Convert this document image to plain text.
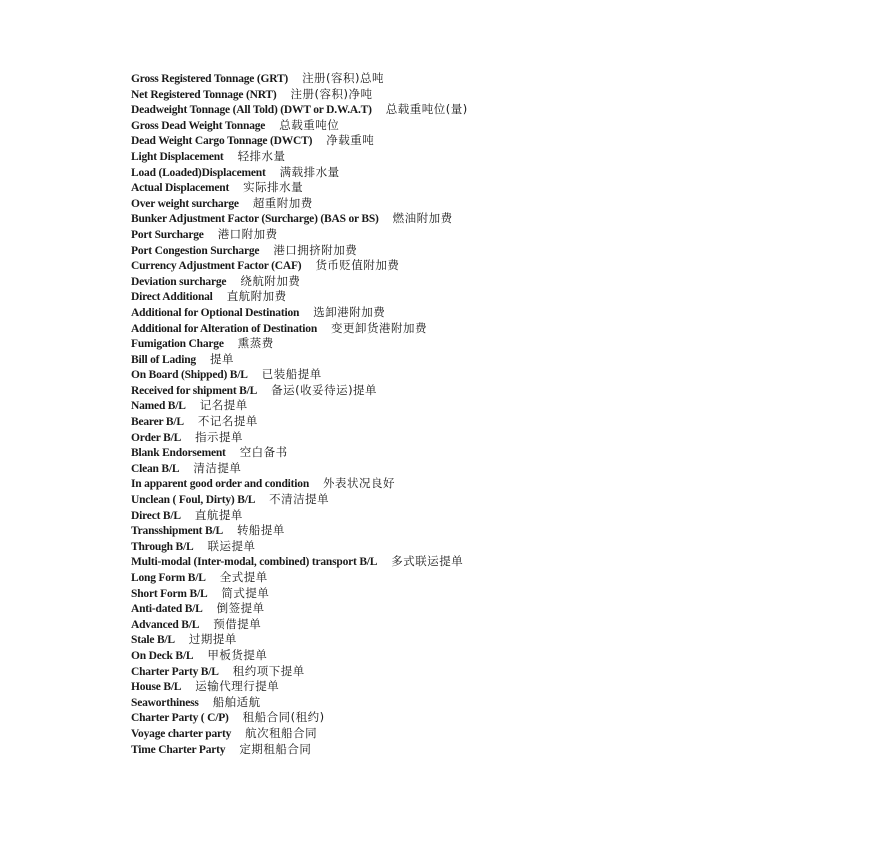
Gross Registered Tonnage (GRT) 注册(容积)总吨
Net Registered Tonnage (NRT) 注册(容积)净吨
Deadweight Tonnage (All Told) (DWT or D.W.A.T) 总载重吨位(量)
Gross Dead Weight Tonnage 总载重吨位
Dead Weight Cargo Tonnage (DWCT) 净载重吨
Light Displacement 轻排水量
Load (Loaded)Displacement 满载排水量
Actual Displacement 实际排水量
Over weight surcharge 超重附加费
Bunker Adjustment Factor (Surcharge) (BAS or BS) 燃油附加费
Port Surcharge 港口附加费
Port Congestion Surcharge 港口拥挤附加费
Currency Adjustment Factor (CAF) 货币贬值附加费
Deviation surcharge 绕航附加费
Direct Additional 直航附加费
Additional for Optional Destination 选卸港附加费
Additional for Alteration of Destination 变更卸货港附加费
Fumigation Charge 熏蒸费
Bill of Lading 提单
On Board (Shipped) B/L 已装船提单
Received for shipment B/L 备运(收妥待运)提单
Named B/L 记名提单
Bearer B/L 不记名提单
Order B/L 指示提单
Blank Endorsement 空白备书
Clean B/L 清洁提单
In apparent good order and condition 外表状况良好
Unclean ( Foul, Dirty) B/L 不清洁提单
Direct B/L 直航提单
Transshipment B/L 转船提单
Through B/L 联运提单
Multi-modal (Inter-modal, combined) transport B/L 多式联运提单
Long Form B/L 全式提单
Short Form B/L 简式提单
Anti-dated B/L 倒签提单
Advanced B/L 预借提单
Stale B/L 过期提单
On Deck B/L 甲板货提单
Charter Party B/L 租约项下提单
House B/L 运输代理行提单
Seaworthiness 船舶适航
Charter Party ( C/P) 租船合同(租约)
Voyage charter party 航次租船合同
Time Charter Party 定期租船合同
